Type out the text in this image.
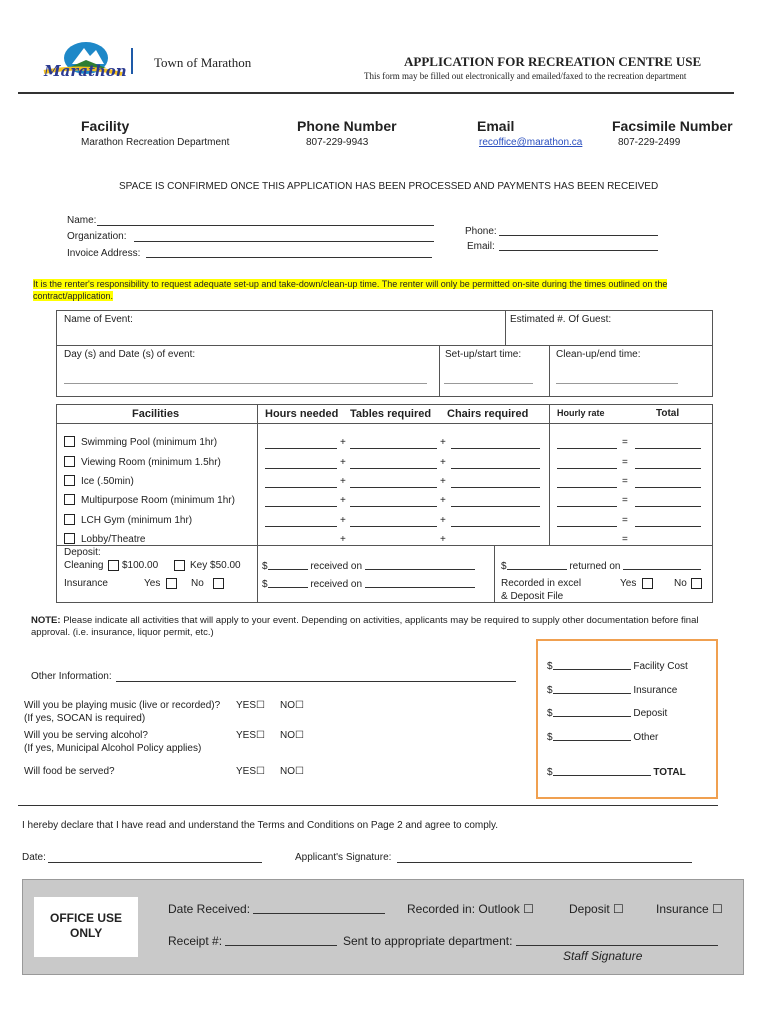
Marathon Town of Marathon	APPLICATION FOR RECREATION CENTRE USE
This form may be filled out electronically and emailed/faxed to the recreation department
Facility
Marathon Recreation Department
Phone Number
807-229-9943
Email
recoffice@marathon.ca
Facsimile Number
807-229-2499
SPACE IS CONFIRMED ONCE THIS APPLICATION HAS BEEN PROCESSED AND PAYMENTS HAS BEEN RECEIVED
Name:
Organization:
Invoice Address:
Phone:
Email:
It is the renter's responsibility to request adequate set-up and take-down/clean-up time. The renter will only be permitted on-site during the times outlined on the contract/application.
Name of Event:	Estimated #. Of Guest:
Day (s) and Date (s) of event:	Set-up/start time:	Clean-up/end time:
Facilities	Hours needed Tables required Chairs required	Hourly rate	Total
Swimming Pool (minimum 1hr)	+	+	=
Viewing Room (minimum 1.5hr)	+	+	=
Ice (.50min)	+	+	=
Multipurpose Room (minimum 1hr)	+	+	=
LCH Gym (minimum 1hr)	+	+	=
Lobby/Theatre	+	+	=
Deposit:
Cleaning $100.00	Key $50.00
Insurance	Yes	No
$	received on
$	received on
$	returned on
Recorded in excel
& Deposit File
Yes	No
NOTE: Please indicate all activities that will apply to your event. Depending on activities, applicants may be required to supply other documentation before final approval. (i.e. insurance, liquor permit, etc.)
Other Information:
Will you be playing music (live or recorded)?
(If yes, SOCAN is required)
YES☐ NO☐
Will you be serving alcohol?
(If yes, Municipal Alcohol Policy applies)
YES☐ NO☐
Will food be served?	YES☐ NO☐
$	Facility Cost
$	Insurance
$	Deposit
$	Other
$	TOTAL
I hereby declare that I have read and understand the Terms and Conditions on Page 2 and agree to comply.
Date:	Applicant's Signature:
OFFICE USE
ONLY
Date Received:	Recorded in: Outlook ☐	Deposit ☐	Insurance ☐
Receipt #:	Sent to appropriate department:
Staff Signature
